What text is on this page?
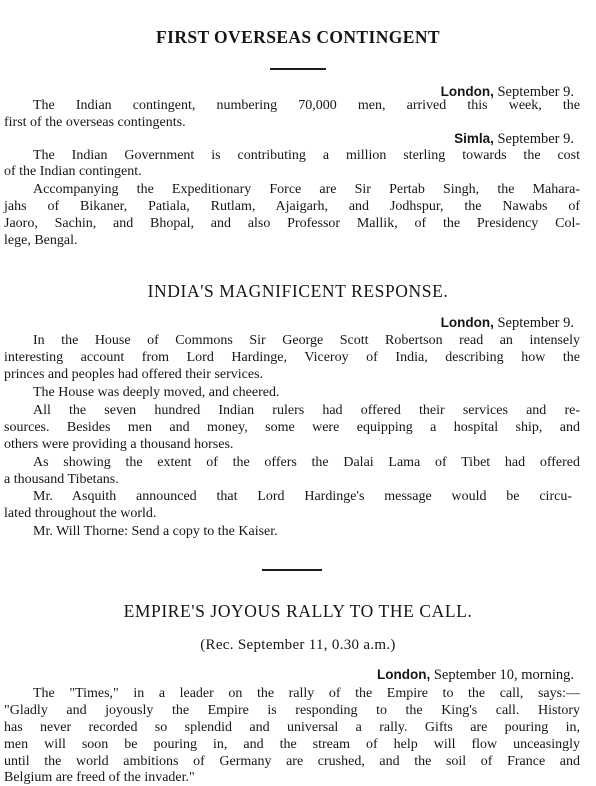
FIRST OVERSEAS CONTINGENT
London, September 9.
The Indian contingent, numbering 70,000 men, arrived this week, the
first of the overseas contingents.
Simla, September 9.
The Indian Government is contributing a million sterling towards the cost
of the Indian contingent.
Accompanying the Expeditionary Force are Sir Pertab Singh, the Mahara-
jahs of Bikaner, Patiala, Rutlam, Ajaigarh, and Jodhspur, the Nawabs of
Jaoro, Sachin, and Bhopal, and also Professor Mallik, of the Presidency Col-
lege, Bengal.
INDIA'S MAGNIFICENT RESPONSE.
London, September 9.
In the House of Commons Sir George Scott Robertson read an intensely
interesting account from Lord Hardinge, Viceroy of India, describing how the
princes and peoples had offered their services.
The House was deeply moved, and cheered.
All the seven hundred Indian rulers had offered their services and re-
sources. Besides men and money, some were equipping a hospital ship, and
others were providing a thousand horses.
As showing the extent of the offers the Dalai Lama of Tibet had offered
a thousand Tibetans.
Mr. Asquith announced that Lord Hardinge's message would be circu-
lated throughout the world.
Mr. Will Thorne: Send a copy to the Kaiser.
EMPIRE'S JOYOUS RALLY TO THE CALL.
(Rec. September 11, 0.30 a.m.)
London, September 10, morning.
The "Times," in a leader on the rally of the Empire to the call, says:—
"Gladly and joyously the Empire is responding to the King's call. History
has never recorded so splendid and universal a rally. Gifts are pouring in,
men will soon be pouring in, and the stream of help will flow unceasingly
until the world ambitions of Germany are crushed, and the soil of France and
Belgium are freed of the invader."
